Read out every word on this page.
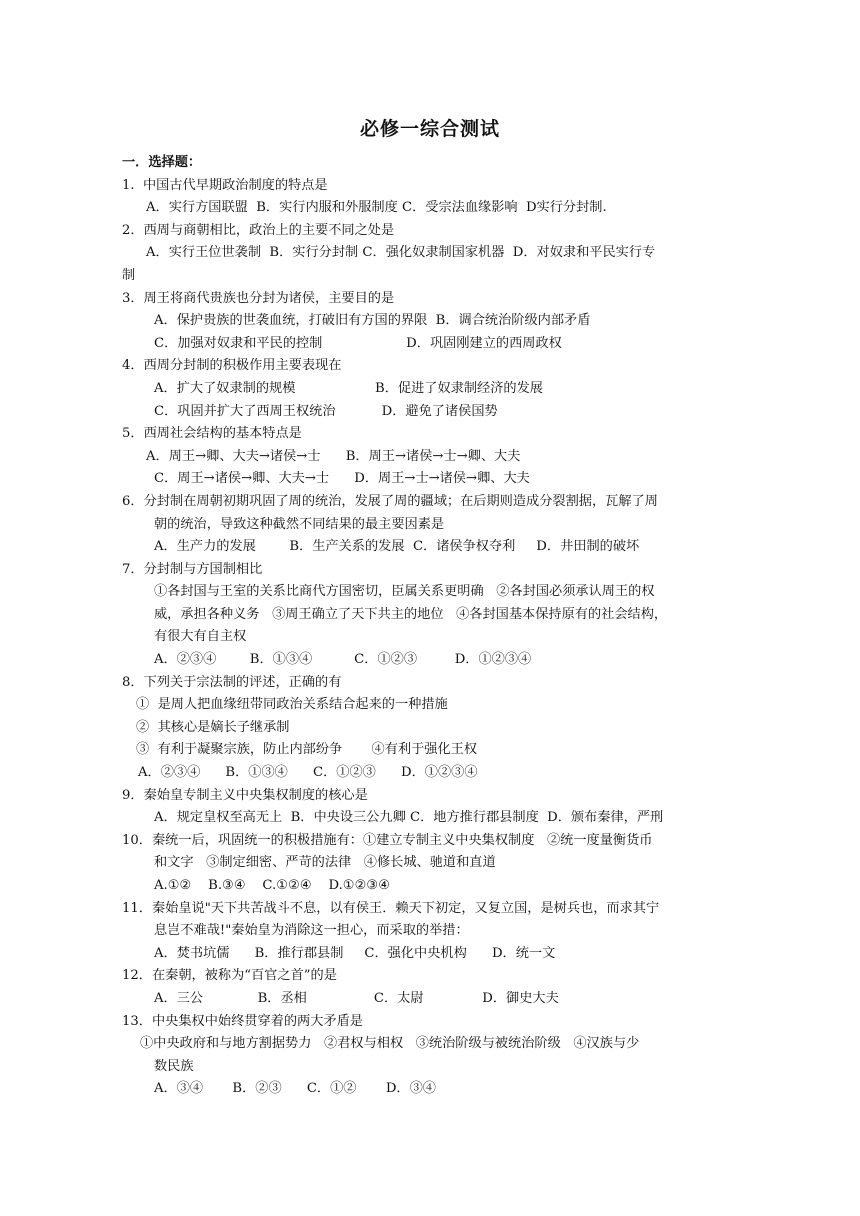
必修一综合测试
一．选择题：
1.  中国古代早期政治制度的特点是
A．实行方国联盟  B．实行内服和外服制度 C．受宗法血缘影响  D实行分封制.
2．西周与商朝相比，政治上的主要不同之处是
A．实行王位世袭制  B．实行分封制 C．强化奴隶制国家机器  D．对奴隶和平民实行专
制
3．周王将商代贵族也分封为诸侯，主要目的是
A．保护贵族的世袭血统，打破旧有方国的界限  B．调合统治阶级内部矛盾
C．加强对奴隶和平民的控制                    D．巩固刚建立的西周政权
4．西周分封制的积极作用主要表现在
A．扩大了奴隶制的规模                   B．促进了奴隶制经济的发展
C．巩固并扩大了西周王权统治           D．避免了诸侯国势
5．西周社会结构的基本特点是
A．周王→卿、大夫→诸侯→士      B．周王→诸侯→士→卿、大夫
C．周王→诸侯→卿、大夫→士      D．周王→士→诸侯→卿、大夫
6．分封制在周朝初期巩固了周的统治，发展了周的疆域；在后期则造成分裂割据，瓦解了周
朝的统治，导致这种截然不同结果的最主要因素是
A．生产力的发展        B．生产关系的发展  C．诸侯争权夺利     D．井田制的破坏
7．分封制与方国制相比
①各封国与王室的关系比商代方国密切，臣属关系更明确   ②各封国必须承认周王的权
威，承担各种义务   ③周王确立了天下共主的地位   ④各封国基本保持原有的社会结构，
有很大有自主权
A．②③④        B．①③④          C．①②③         D．①②③④
8．下列关于宗法制的评述，正确的有
①  是周人把血缘纽带同政治关系结合起来的一种措施
②  其核心是嫡长子继承制
③  有利于凝聚宗族，防止内部纷争       ④有利于强化王权
A．②③④      B．①③④      C．①②③      D．①②③④
9．秦始皇专制主义中央集权制度的核心是
A．规定皇权至高无上  B．中央设三公九卿 C．地方推行郡县制度  D．颁布秦律，严刑
10．秦统一后，巩固统一的积极措施有：①建立专制主义中央集权制度   ②统一度量衡货币
和文字   ③制定细密、严苛的法律   ④修长城、驰道和直道
A.①②    B.③④    C.①②④    D.①②③④
11．秦始皇说"天下共苦战斗不息，以有侯王．赖天下初定，又复立国，是树兵也，而求其宁
息岂不难哉!"秦始皇为消除这一担心，而采取的举措：
A．焚书坑儒      B．推行郡县制     C．强化中央机构      D．统一文
12．在秦朝，被称为“百官之首”的是
A．三公             B．丞相                C．太尉              D．御史大夫
13．中央集权中始终贯穿着的两大矛盾是
①中央政府和与地方割据势力   ②君权与相权   ③统治阶级与被统治阶级   ④汉族与少
数民族
A．③④       B．②③      C．①②       D．③④
